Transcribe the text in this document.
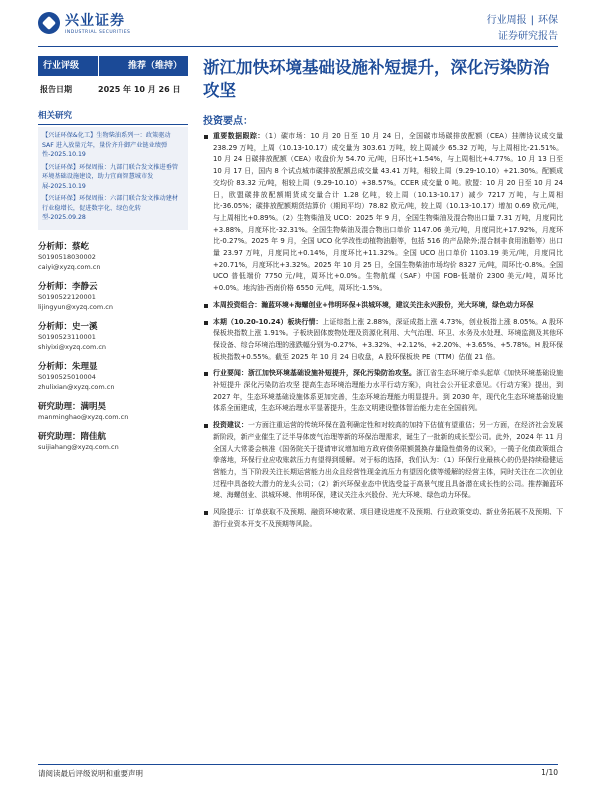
兴业证券
INDUSTRIAL SECURITIES
行业周报 | 环保
证券研究报告
行业评级	推荐（维持）
报告日期	2025 年 10 月 26 日
相关研究
【兴证环保&化工】生物柴油系列一：政策驱动 SAF 进入放量元年，量价齐升御产业链业绩弹性-2025.10.19
【兴证环保】环保周报：九部门联合发文推进垂管环境基础设施建设，助力宜商智慧城市发展-2025.10.19
【兴证环保】环保周报：六部门联合发文推动建材行业稳增长，促进数字化、绿色化转型-2025.09.28
分析师：蔡屹
S0190518030002
caiyi@xyzq.com.cn
分析师：李静云
S0190522120001
lijingyun@xyzq.com.cn
分析师：史一溪
S0190523110001
shiyixi@xyzq.com.cn
分析师：朱理显
S0190525010004
zhulixian@xyzq.com.cn
研究助理：满明昊
manminghao@xyzq.com.cn
研究助理：隋佳航
suijiahang@xyzq.com.cn
浙江加快环境基础设施补短提升，深化污染防治攻坚
投资要点：
重要数据跟踪：（1）碳市场：10 月 20 日至 10 月 24 日，全国碳市场碳排放配额（CEA）挂牌协议成交量 238.29 万吨，上周（10.13-10.17）成交量为 303.61 万吨，较上周减少 65.32 万吨，与上周相比-21.51%。10 月 24 日碳排放配额（CEA）收盘价为 54.70 元/吨，日环比+1.54%，与上周相比+4.77%。10 月 13 日至 10 月 17 日，国内 8 个试点城市碳排放配额总成交量 43.41 万吨，相较上周（9.29-10.10）+21.30%。配额成交均价 83.32 元/吨，相较上周（9.29-10.10）+38.57%。CCER 成交量 0 吨。欧盟：10 月 20 日至 10 月 24 日，欧盟碳排放配额期货成交量合计 1.28 亿吨，较上周（10.13-10.17）减少 7217 万吨，与上周相比-36.05%；碳排放配额期货结算价（期间平均）78.82 欧元/吨，较上周（10.13-10.17）增加 0.69 欧元/吨，与上周相比+0.89%。（2）生物柴油及 UCO：2025 年 9 月，全国生物柴油及混合物出口量 7.31 万吨，月度同比+3.88%，月度环比-32.31%。全国生物柴油及混合物出口单价 1147.06 美元/吨，月度同比+17.92%，月度环比-0.27%。2025 年 9 月，全国 UCO 化学改性动植物油脂等，包括 516 的产品除外;混合制非食用油脂等）出口量 23.97 万吨，月度同比+0.14%，月度环比+11.32%。全国 UCO 出口单价 1103.19 美元/吨，月度同比+20.71%，月度环比+3.32%。2025 年 10 月 25 日，全国生物柴油市场均价 8327 元/吨，周环比-0.8%。全国 UCO 普低端价 7750 元/吨，周环比+0.0%。生物航煤（SAF）中国 FOB-低端价 2300 美元/吨，周环比+0.0%。地沟油-西南价格 6550 元/吨，周环比-1.5%。
本周投资组合：瀚蓝环境+海螺创业+伟明环保+洪城环境，建议关注永兴股份，光大环境，绿色动力环保
本期（10.20-10.24）板块行情：上证综指上涨 2.88%，深证成指上涨 4.73%，创业板指上涨 8.05%。A 股环保板块指数上涨 1.91%。子板块固体废物处理及资源化利用、大气治理、环卫、水务及水处理、环境监测及其他环保设备、综合环境治理的涨跌幅分别为-0.27%、+3.32%、+2.12%、+2.20%、+3.65%、+5.78%。H 股环保板块指数+0.55%。截至 2025 年 10 月 24 日收盘，A 股环保板块 PE（TTM）估值 21 倍。
行业要闻：浙江加快环境基础设施补短提升，深化污染防治攻坚。浙江省生态环境厅牵头起草《加快环境基础设施补短提升 深化污染防治攻坚 提高生态环境治理能力水平行动方案》，向社会公开征求意见。《行动方案》提出，到 2027 年，生态环境基础设施体系更加完善，生态环境治理能力明显提升。到 2030 年，现代化生态环境基础设施体系全面建成，生态环境治理水平显著提升，生态文明建设整体智治能力走在全国前列。
投资建议：一方面注重运营的传统环保在盈利确定性和对较高的加持下估值有望重估；另一方面，在经济社会发展新阶段，新产业催生了泛半导体废气治理等新的环保治理需求，诞生了一批新的成长型公司。此外，2024 年 11 月全国人大常委会核准《国务院关于提请审议增加地方政府债务限额置换存量隐性债务的议案》，一揽子化债政策组合拳落地，环保行业应收账款压力有望得到缓解。对于标的选择，我们认为：（1）环保行业最核心的仍是持续稳健运营能力，当下阶段关注长期运营能力出众且经营性现金流压力有望因化债等缓解的经营主体，同时关注在二次创业过程中具备较大潜力的龙头公司；（2）新兴环保业态中优选受益于高景气度且具备潜在成长性的公司。推荐瀚蓝环境、海螺创业、洪城环境、伟明环保，建议关注永兴股份、光大环境、绿色动力环保。
风险提示：订单获取不及预期、融资环境收紧、项目建设进度不及预期、行业政策变动、新业务拓展不及预期、下游行业资本开支不及预期等风险。
请阅读最后评级说明和重要声明	1/10
